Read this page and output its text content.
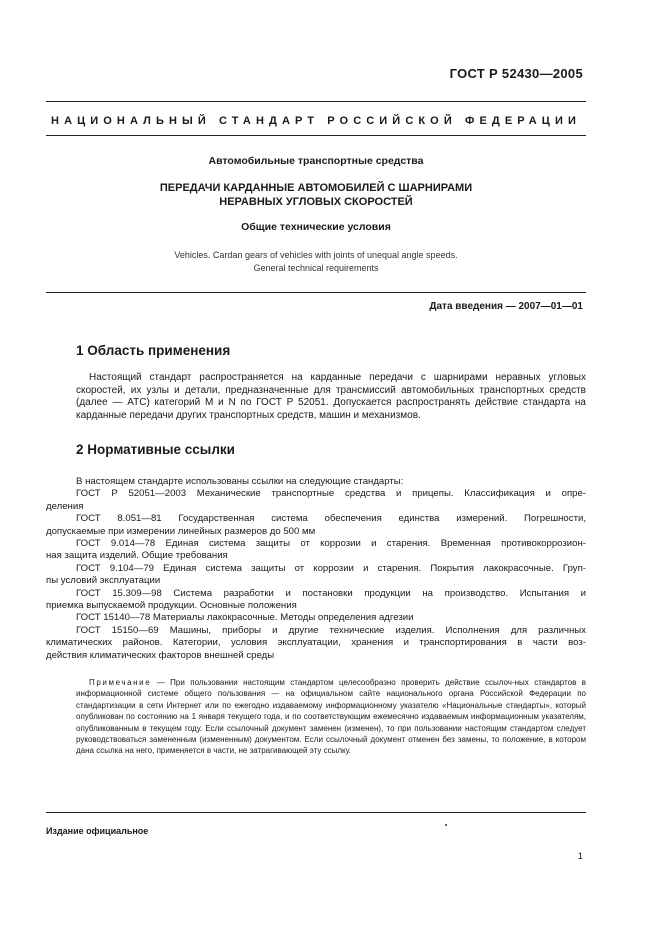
ГОСТ Р 52430—2005
НАЦИОНАЛЬНЫЙ СТАНДАРТ РОССИЙСКОЙ ФЕДЕРАЦИИ
Автомобильные транспортные средства
ПЕРЕДАЧИ КАРДАННЫЕ АВТОМОБИЛЕЙ С ШАРНИРАМИ
НЕРАВНЫХ УГЛОВЫХ СКОРОСТЕЙ
Общие технические условия
Vehicles. Cardan gears of vehicles with joints of unequal angle speeds.
General technical requirements
Дата введения — 2007—01—01
1 Область применения
Настоящий стандарт распространяется на карданные передачи с шарнирами неравных угловых
скоростей, их узлы и детали, предназначенные для трансмиссий автомобильных транспортных средств
(далее — АТС) категорий M и N по ГОСТ Р 52051. Допускается распространять действие стандарта на
карданные передачи других транспортных средств, машин и механизмов.
2 Нормативные ссылки
В настоящем стандарте использованы ссылки на следующие стандарты:
ГОСТ Р 52051—2003 Механические транспортные средства и прицепы. Классификация и опре-
деления
ГОСТ 8.051—81 Государственная система обеспечения единства измерений. Погрешности,
допускаемые при измерении линейных размеров до 500 мм
ГОСТ 9.014—78 Единая система защиты от коррозии и старения. Временная противокоррозион-
ная защита изделий. Общие требования
ГОСТ 9.104—79 Единая система защиты от коррозии и старения. Покрытия лакокрасочные. Груп-
пы условий эксплуатации
ГОСТ 15.309—98 Система разработки и постановки продукции на производство. Испытания и
приемка выпускаемой продукции. Основные положения
ГОСТ 15140—78 Материалы лакокрасочные. Методы определения адгезии
ГОСТ 15150—69 Машины, приборы и другие технические изделия. Исполнения для различных
климатических районов. Категории, условия эксплуатации, хранения и транспортирования в части воз-
действия климатических факторов внешней среды
Примечание — При пользовании настоящим стандартом целесообразно проверить действие ссылоч-ных стандартов в информационной системе общего пользования — на официальном сайте национального органа Российской Федерации по стандартизации в сети Интернет или по ежегодно издаваемому информационному указателю «Национальные стандарты», который опубликован по состоянию на 1 января текущего года, и по соответствующим ежемесячно издаваемым информационным указателям, опубликованным в текущем году. Если ссылочный документ заменен (изменен), то при пользовании настоящим стандартом следует руководствоваться замененным (измененным) документом. Если ссылочный документ отменен без замены, то положение, в котором дана ссылка на него, применяется в части, не затрагивающей эту ссылку.
Издание официальное
1
